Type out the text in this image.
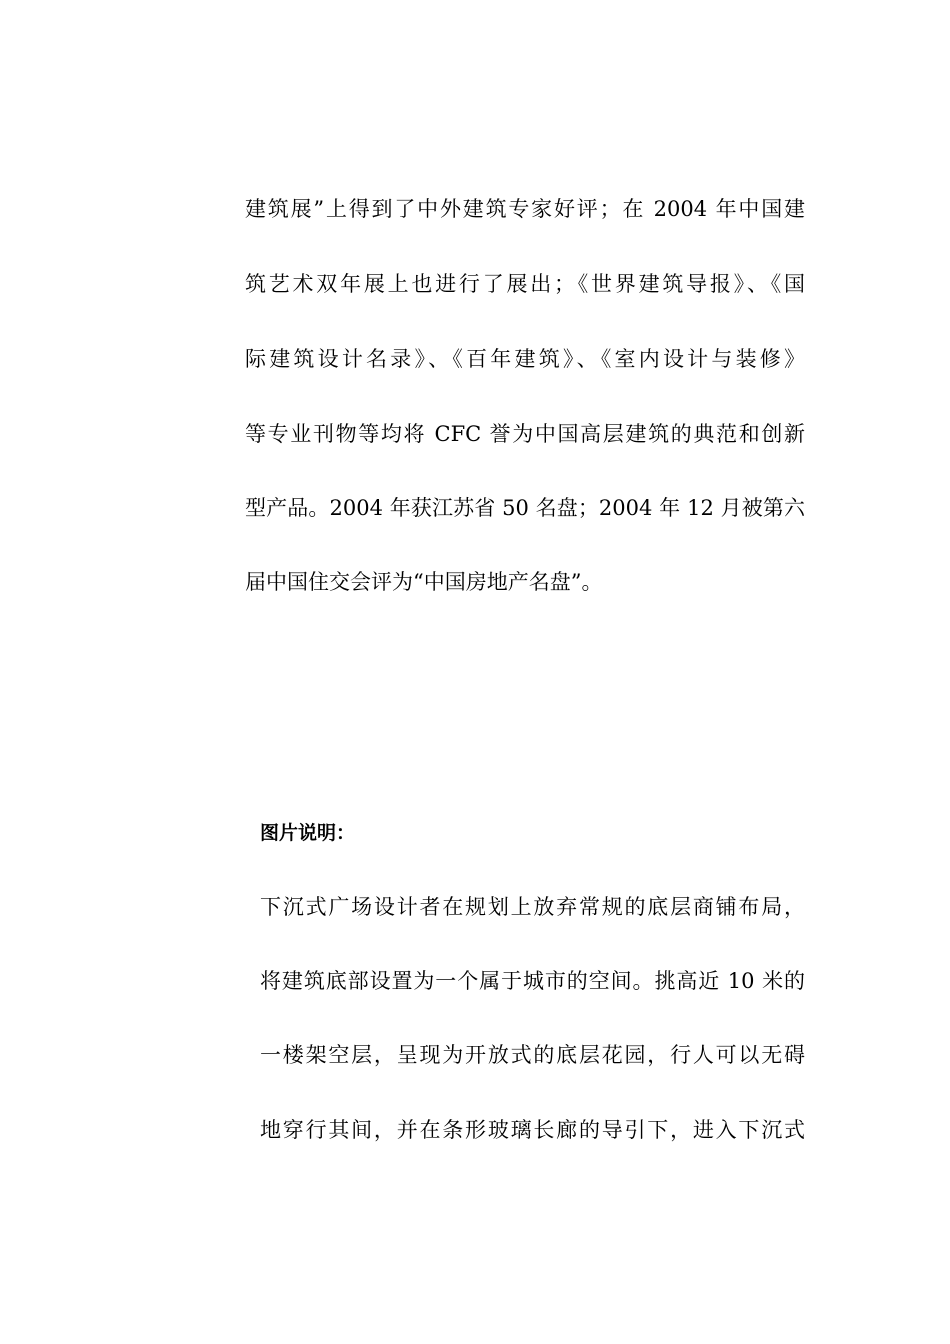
建筑展”上得到了中外建筑专家好评；在 2004 年中国建
筑艺术双年展上也进行了展出；《世界建筑导报》、《国
际建筑设计名录》、《百年建筑》、《室内设计与装修》
等专业刊物等均将 CFC 誉为中国高层建筑的典范和创新
型产品。2004 年获江苏省 50 名盘；2004 年 12 月被第六
届中国住交会评为“中国房地产名盘”。
图片说明：
下沉式广场设计者在规划上放弃常规的底层商铺布局，
将建筑底部设置为一个属于城市的空间。挑高近 10 米的
一楼架空层，呈现为开放式的底层花园，行人可以无碍
地穿行其间，并在条形玻璃长廊的导引下，进入下沉式
